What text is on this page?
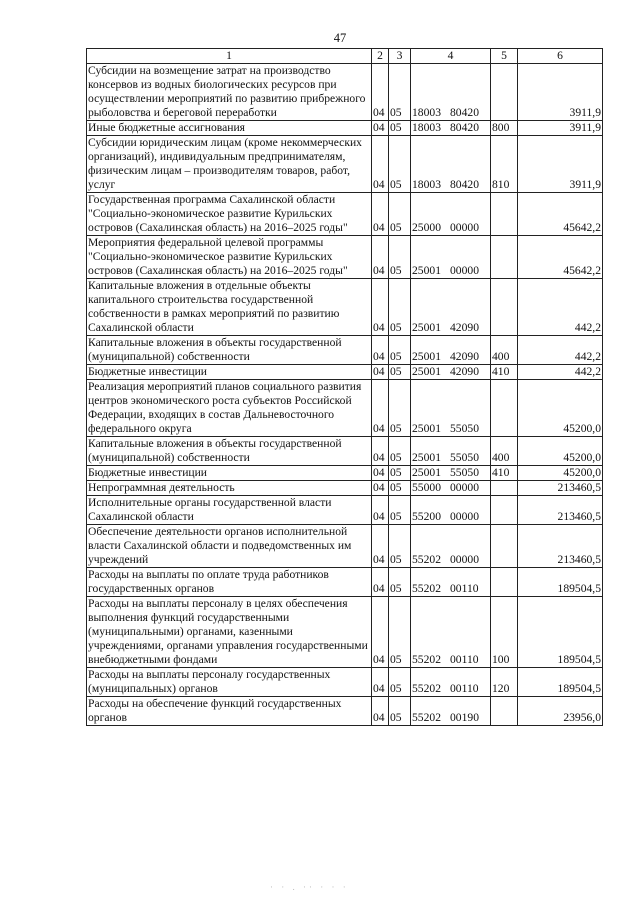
47
1	2	3	4	5	6
Субсидии на возмещение затрат на производство консервов из водных биологических ресурсов при осуществлении мероприятий по развитию прибрежного рыболовства и береговой переработки	04	05	18003 80420		3911,9
Иные бюджетные ассигнования	04	05	18003 80420	800	3911,9
Субсидии юридическим лицам (кроме некоммерческих организаций), индивидуальным предпринимателям, физическим лицам – производителям товаров, работ, услуг	04	05	18003 80420	810	3911,9
Государственная программа Сахалинской области "Социально-экономическое развитие Курильских островов (Сахалинская область) на 2016–2025 годы"	04	05	25000 00000		45642,2
Мероприятия федеральной целевой программы "Социально-экономическое развитие Курильских островов (Сахалинская область) на 2016–2025 годы"	04	05	25001 00000		45642,2
Капитальные вложения в отдельные объекты капитального строительства государственной собственности в рамках мероприятий по развитию Сахалинской области	04	05	25001 42090		442,2
Капитальные вложения в объекты государственной (муниципальной) собственности	04	05	25001 42090	400	442,2
Бюджетные инвестиции	04	05	25001 42090	410	442,2
Реализация мероприятий планов социального развития центров экономического роста субъектов Российской Федерации, входящих в состав Дальневосточного федерального округа	04	05	25001 55050		45200,0
Капитальные вложения в объекты государственной (муниципальной) собственности	04	05	25001 55050	400	45200,0
Бюджетные инвестиции	04	05	25001 55050	410	45200,0
Непрограммная деятельность	04	05	55000 00000		213460,5
Исполнительные органы государственной власти Сахалинской области	04	05	55200 00000		213460,5
Обеспечение деятельности органов исполнительной власти Сахалинской области и подведомственных им учреждений	04	05	55202 00000		213460,5
Расходы на выплаты по оплате труда работников государственных органов	04	05	55202 00110		189504,5
Расходы на выплаты персоналу в целях обеспечения выполнения функций государственными (муниципальными) органами, казенными учреждениями, органами управления государственными внебюджетными фондами	04	05	55202 00110	100	189504,5
Расходы на выплаты персоналу государственных (муниципальных) органов	04	05	55202 00110	120	189504,5
Расходы на обеспечение функций государственных органов	04	05	55202 00190		23956,0
· · . ·· · · ·
